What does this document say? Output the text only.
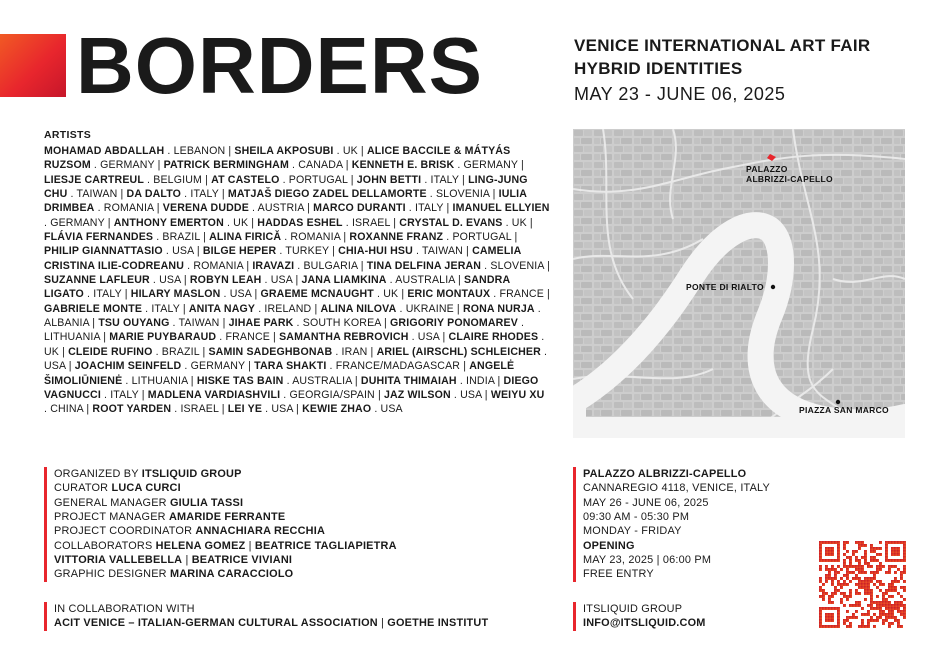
BORDERS	VENICE INTERNATIONAL ART FAIR
HYBRID IDENTITIES
MAY 23 - JUNE 06, 2025
ARTISTS
MOHAMAD ABDALLAH . LEBANON | SHEILA AKPOSUBI . UK | ALICE BACCILE & MÁTYÁS RUZSOM . GERMANY | PATRICK BERMINGHAM . CANADA | KENNETH E. BRISK . GERMANY | LIESJE CARTREUL . BELGIUM | AT CASTELO . PORTUGAL | JOHN BETTI . ITALY | LING-JUNG CHU . TAIWAN | DA DALTO . ITALY | MATJAŠ DIEGO ZADEL DELLAMORTE . SLOVENIA | IULIA DRIMBEA . ROMANIA | VERENA DUDDE . AUSTRIA | MARCO DURANTI . ITALY | IMANUEL ELLYIEN . GERMANY | ANTHONY EMERTON . UK | HADDAS ESHEL . ISRAEL | CRYSTAL D. EVANS . UK | FLÁVIA FERNANDES . BRAZIL | ALINA FIRICĂ . ROMANIA | ROXANNE FRANZ . PORTUGAL | PHILIP GIANNATTASIO . USA | BILGE HEPER . TURKEY | CHIA-HUI HSU . TAIWAN | CAMELIA CRISTINA ILIE-CODREANU . ROMANIA | IRAVAZI . BULGARIA | TINA DELFINA JERAN . SLOVENIA | SUZANNE LAFLEUR . USA | ROBYN LEAH . USA | JANA LIAMKINA . AUSTRALIA | SANDRA LIGATO . ITALY | HILARY MASLON . USA | GRAEME MCNAUGHT . UK | ERIC MONTAUX . FRANCE | GABRIELE MONTE . ITALY | ANITA NAGY . IRELAND | ALINA NILOVA . UKRAINE | RONA NURJA . ALBANIA | TSU OUYANG . TAIWAN | JIHAE PARK . SOUTH KOREA | GRIGORIY PONOMAREV . LITHUANIA | MARIE PUYBARAUD . FRANCE | SAMANTHA REBROVICH . USA | CLAIRE RHODES . UK | CLEIDE RUFINO . BRAZIL | SAMIN SADEGHBONAB . IRAN | ARIEL (AIRSCHL) SCHLEICHER . USA | JOACHIM SEINFELD . GERMANY | TARA SHAKTI . FRANCE/MADAGASCAR | ANGELĖ ŠIMOLIŪNIENĖ . LITHUANIA | HISKE TAS BAIN . AUSTRALIA | DUHITA THIMAIAH . INDIA | DIEGO VAGNUCCI . ITALY | MADLENA VARDIASHVILI . GEORGIA/SPAIN | JAZ WILSON . USA | WEIYU XU . CHINA | ROOT YARDEN . ISRAEL | LEI YE . USA | KEWIE ZHAO . USA
PALAZZO
ALBRIZZI-CAPELLO
PONTE DI RIALTO
PIAZZA SAN MARCO
ORGANIZED BY ITSLIQUID GROUP
CURATOR LUCA CURCI
GENERAL MANAGER GIULIA TASSI
PROJECT MANAGER AMARIDE FERRANTE
PROJECT COORDINATOR ANNACHIARA RECCHIA
COLLABORATORS HELENA GOMEZ | BEATRICE TAGLIAPIETRA
VITTORIA VALLEBELLA | BEATRICE VIVIANI
GRAPHIC DESIGNER MARINA CARACCIOLO
IN COLLABORATION WITH
ACIT VENICE – ITALIAN-GERMAN CULTURAL ASSOCIATION | GOETHE INSTITUT
PALAZZO ALBRIZZI-CAPELLO
CANNAREGIO 4118, VENICE, ITALY
MAY 26 - JUNE 06, 2025
09:30 AM - 05:30 PM
MONDAY - FRIDAY
OPENING
MAY 23, 2025 | 06:00 PM
FREE ENTRY
ITSLIQUID GROUP
INFO@ITSLIQUID.COM
